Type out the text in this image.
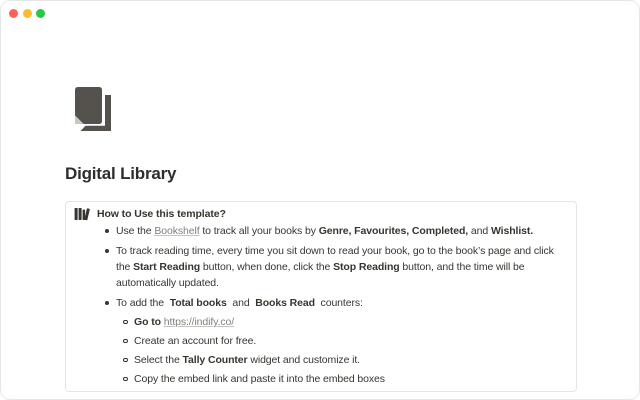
Digital Library
How to Use this template?
Use the Bookshelf to track all your books by Genre, Favourites, Completed, and Wishlist.
To track reading time, every time you sit down to read your book, go to the book’s page and click the Start Reading button, when done, click the Stop Reading button, and the time will be automatically updated.
To add the  Total books  and  Books Read  counters:
Go to https://indify.co/
Create an account for free.
Select the Tally Counter widget and customize it.
Copy the embed link and paste it into the embed boxes
